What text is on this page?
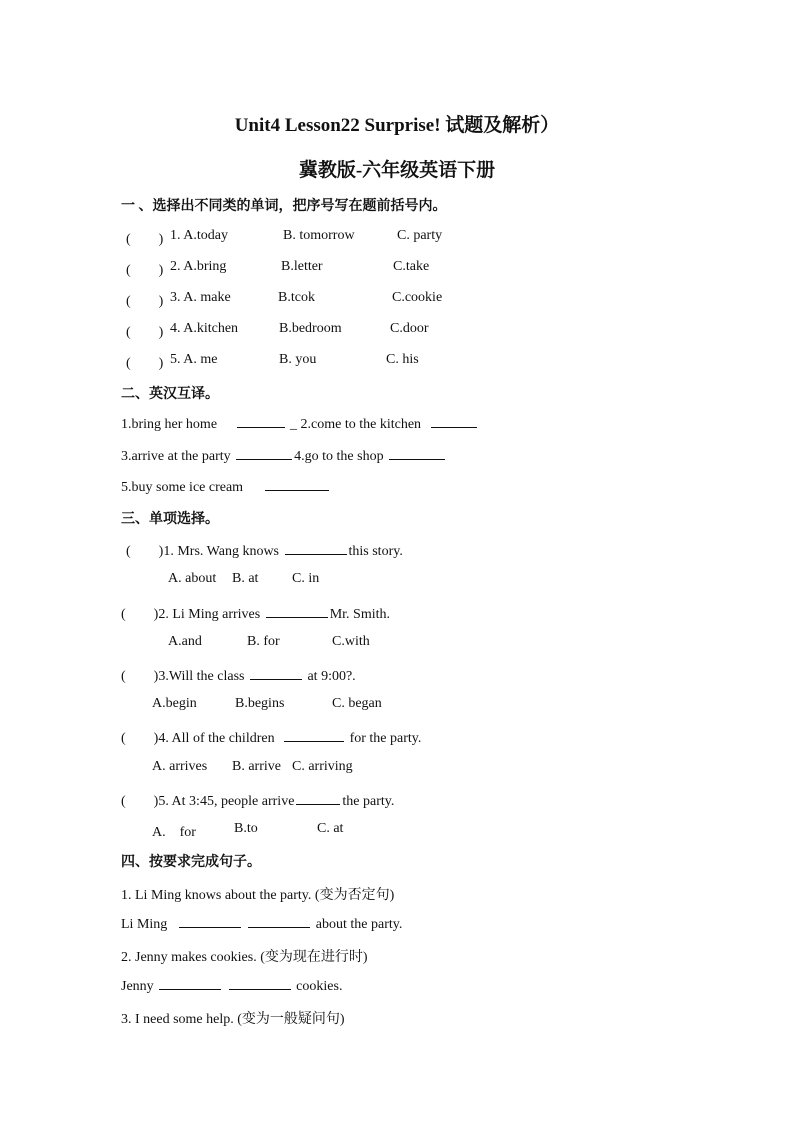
Unit4 Lesson22 Surprise! 试题及解析）
冀教版-六年级英语下册
一 、选择出不同类的单词，把序号写在题前括号内。
(　　) 1. A.today	B. tomorrow	C. party
(　　) 2. A.bring	B.letter	C.take
(　　) 3. A. make	B.tcok	C.cookie
(　　) 4. A.kitchen	B.bedroom	C.door
(　　) 5. A. me	B. you	C. his
二、英汉互译。
1.bring her home	_ 2.come to the kitchen
3.arrive at the party	4.go to the shop
5.buy some ice cream
三、单项选择。
(　　)1. Mrs. Wang knows	this story.
A. about B. at C. in
(　　)2. Li Ming arrives	Mr. Smith.
A.and	B. for	C.with
(　　)3.Will the class	at 9:00?.
A.begin	B.begins	C. began
(　　)4. All of the children	for the party.
A. arrives B. arrive C. arriving
(　　)5. At 3:45, people arrive	the party.
A.　for	B.to	C. at
四、按要求完成句子。
1. Li Ming knows about the party. (变为否定句)
Li Ming	about the party.
2. Jenny makes cookies. (变为现在进行时)
Jenny	cookies.
3. I need some help. (变为一般疑问句)
